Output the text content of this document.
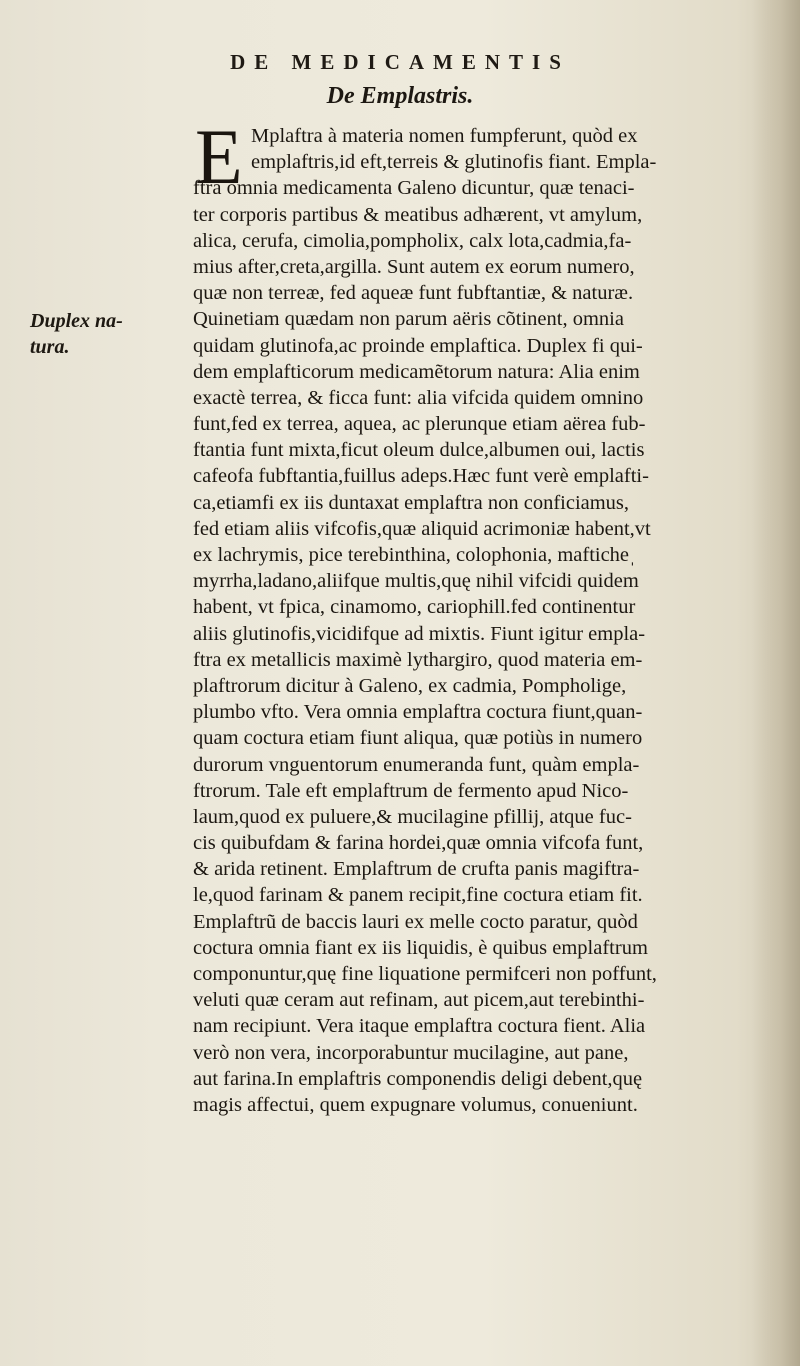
DE MEDICAMENTIS
De Emplastris.
Duplex na-
tura.
E Mplaftra à materia nomen fumpferunt, quòd ex
emplaftris,id eft,terreis & glutinofis fiant. Empla-
ftra omnia medicamenta Galeno dicuntur, quæ tenaci-
ter corporis partibus & meatibus adhærent, vt amylum,
alica, cerufa, cimolia,pompholix, calx lota,cadmia,fa-
mius after,creta,argilla. Sunt autem ex eorum numero,
quæ non terreæ, fed aqueæ funt fubftantiæ, & naturæ.
Quinetiam quædam non parum aëris cõtinent, omnia
quidam glutinofa,ac proinde emplaftica. Duplex fi qui-
dem emplafticorum medicamẽtorum natura: Alia enim
exactè terrea, & ficca funt: alia vifcida quidem omnino
funt,fed ex terrea, aquea, ac plerunque etiam aërea fub-
ftantia funt mixta,ficut oleum dulce,albumen oui, lactis
cafeofa fubftantia,fuillus adeps.Hæc funt verè emplafti-
ca,etiamfi ex iis duntaxat emplaftra non conficiamus,
fed etiam aliis vifcofis,quæ aliquid acrimoniæ habent,vt
ex lachrymis, pice terebinthina, colophonia, mafticheˌ
myrrha,ladano,aliifque multis,quę nihil vifcidi quidem
habent, vt fpica, cinamomo, cariophill.fed continentur
aliis glutinofis,vicidifque ad mixtis. Fiunt igitur empla-
ftra ex metallicis maximè lythargiro, quod materia em-
plaftrorum dicitur à Galeno, ex cadmia, Pompholige,
plumbo vfto. Vera omnia emplaftra coctura fiunt,quan-
quam coctura etiam fiunt aliqua, quæ potiùs in numero
durorum vnguentorum enumeranda funt, quàm empla-
ftrorum. Tale eft emplaftrum de fermento apud Nico-
laum,quod ex puluere,& mucilagine pfillij, atque fuc-
cis quibufdam & farina hordei,quæ omnia vifcofa funt,
& arida retinent. Emplaftrum de crufta panis magiftra-
le,quod farinam & panem recipit,fine coctura etiam fit.
Emplaftrũ de baccis lauri ex melle cocto paratur, quòd
coctura omnia fiant ex iis liquidis, è quibus emplaftrum
componuntur,quę fine liquatione permifceri non poffunt,
veluti quæ ceram aut refinam, aut picem,aut terebinthi-
nam recipiunt. Vera itaque emplaftra coctura fient. Alia
verò non vera, incorporabuntur mucilagine, aut pane,
aut farina.In emplaftris componendis deligi debent,quę
magis affectui, quem expugnare volumus, conueniunt.
